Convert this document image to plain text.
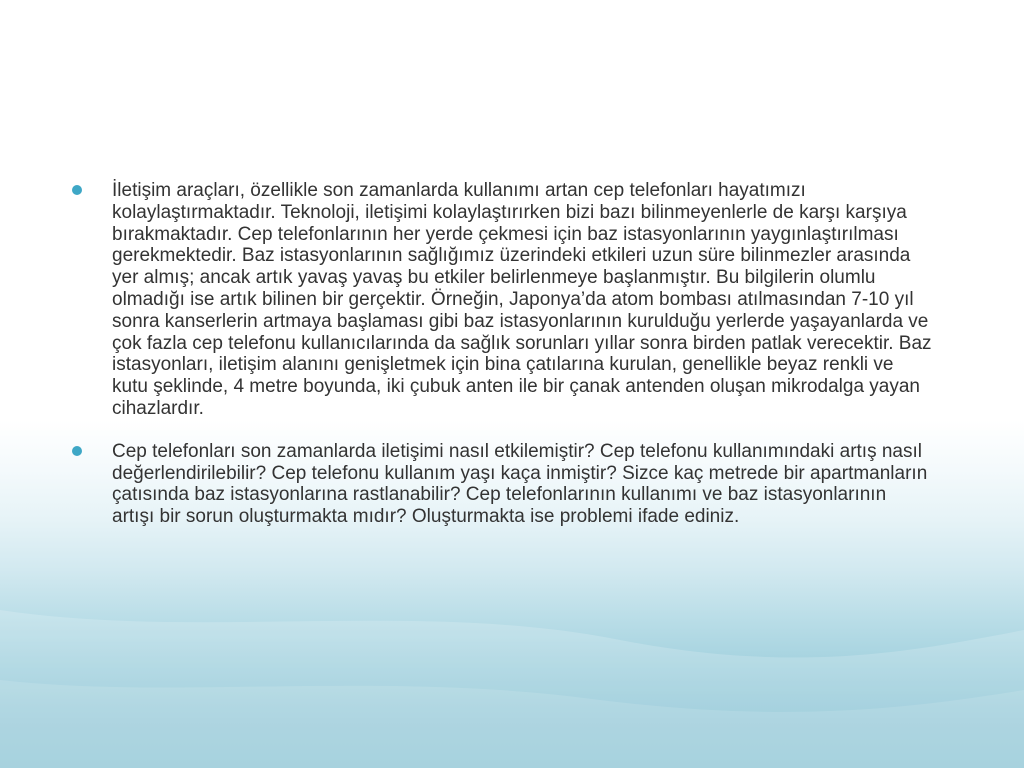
İletişim araçları, özellikle son zamanlarda kullanımı artan cep telefonları hayatımızı kolaylaştırmaktadır. Teknoloji, iletişimi kolaylaştırırken bizi bazı bilinmeyenlerle de karşı karşıya bırakmaktadır. Cep telefonlarının her yerde çekmesi için baz istasyonlarının yaygınlaştırılması gerekmektedir. Baz istasyonlarının sağlığımız üzerindeki etkileri uzun süre bilinmezler arasında yer almış; ancak artık yavaş yavaş bu etkiler belirlenmeye başlanmıştır. Bu bilgilerin olumlu olmadığı ise artık bilinen bir gerçektir. Örneğin, Japonya’da atom bombası atılmasından 7-10 yıl sonra kanserlerin artmaya başlaması gibi baz istasyonlarının kurulduğu yerlerde yaşayanlarda ve çok fazla cep telefonu kullanıcılarında da sağlık sorunları yıllar sonra birden patlak verecektir. Baz istasyonları, iletişim alanını genişletmek için bina çatılarına kurulan, genellikle beyaz renkli ve kutu şeklinde, 4 metre boyunda, iki çubuk anten ile bir çanak antenden oluşan mikrodalga yayan cihazlardır.
Cep telefonları son zamanlarda iletişimi nasıl etkilemiştir? Cep telefonu kullanımındaki artış nasıl değerlendirilebilir? Cep telefonu kullanım yaşı kaça inmiştir? Sizce kaç metrede bir apartmanların çatısında baz istasyonlarına rastlanabilir? Cep telefonlarının kullanımı ve baz istasyonlarının artışı bir sorun oluşturmakta mıdır? Oluşturmakta ise problemi ifade ediniz.
